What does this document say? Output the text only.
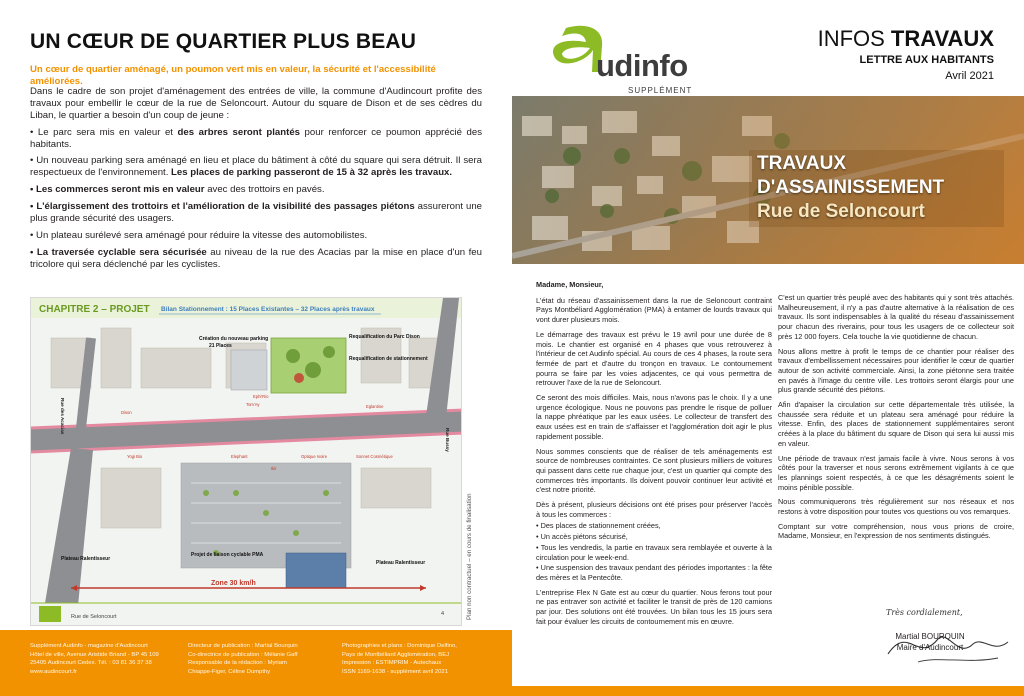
UN CŒUR DE QUARTIER PLUS BEAU
Un cœur de quartier aménagé, un poumon vert mis en valeur, la sécurité et l'accessibilité améliorées.

Dans le cadre de son projet d'aménagement des entrées de ville, la commune d'Audincourt profite des travaux pour embellir le cœur de la rue de Seloncourt. Autour du square de Dison et de ses cèdres du Liban, le quartier a besoin d'un coup de jeune :

• Le parc sera mis en valeur et des arbres seront plantés pour renforcer ce poumon apprécié des habitants.

• Un nouveau parking sera aménagé en lieu et place du bâtiment à côté du square qui sera détruit. Il sera respectueux de l'environnement. Les places de parking passeront de 15 à 32 après les travaux.

• Les commerces seront mis en valeur avec des trottoirs en pavés.

• L'élargissement des trottoirs et l'amélioration de la visibilité des passages piétons assureront une plus grande sécurité des usagers.

• Un plateau surélevé sera aménagé pour réduire la vitesse des automobilistes.

• La traversée cyclable sera sécurisée au niveau de la rue des Acacias par la mise en place d'un feu tricolore qui sera déclenché par les cyclistes.

CHAPITRE 2 – PROJET Bilan Stationnement : 15 Places Existantes – 32 Places après travaux
Création du nouveau parking
21 Places
Requalification du Parc Dison
Requalification de stationnement
Projet de liaison cyclable PMA
Plateau Ralentisseur
Plateau Ralentisseur
Eglantine
Sonnet Cosmétique
Optique Ivoire
Ikir
Elephant
Ephi'Rio
Tom'Ay
Yogi Bio
Dison
Rue des Acacias
Rue Bussy
Zone 30 km/h
Rue de Seloncourt	4	Plan non contractuel – en cours de finalisation
Supplément Audinfo - magazine d'Audincourt
Hôtel de ville, Avenue Aristide Briand - BP 45 109
25405 Audincourt Cedex. Tél. : 03 81 36 37 38
www.audincourt.fr
Directeur de publication : Martial Bourquin
Co-directrice de publication : Mélanie Gaff
Responsable de la rédaction : Myriam
Chiappe-Figer, Céline Dumpthy
Photographies et plans : Dominique Delfino,
Pays de Montbéliard Agglomération, BEJ
Impression : ESTIMPRIM - Autechaux
ISSN 1169-1638 - supplément avril 2021
udinfo
SUPPLÉMENT
INFOS TRAVAUX
LETTRE AUX HABITANTS
Avril 2021
TRAVAUX
D'ASSAINISSEMENT
Rue de Seloncourt

Madame, Monsieur,

L'état du réseau d'assainissement dans la rue de Seloncourt contraint Pays Montbéliard Agglomération (PMA) à entamer de lourds travaux qui vont durer plusieurs mois.

Le démarrage des travaux est prévu le 19 avril pour une durée de 8 mois. Le chantier est organisé en 4 phases que vous retrouverez à l'intérieur de cet Audinfo spécial. Au cours de ces 4 phases, la route sera fermée de part et d'autre du tronçon en travaux. Le contournement pourra se faire par les voies adjacentes, ce qui vous permettra de retrouver l'axe de la rue de Seloncourt.

Ce seront des mois difficiles. Mais, nous n'avons pas le choix. Il y a une urgence écologique. Nous ne pouvons pas prendre le risque de polluer la nappe phréatique par les eaux usées. Le collecteur de transfert des eaux usées est en train de s'affaisser et l'agglomération doit agir le plus rapidement possible.

Nous sommes conscients que de réaliser de tels aménagements est source de nombreuses contraintes. Ce sont plusieurs milliers de voitures qui passent dans cette rue chaque jour, c'est un quartier qui compte des commerces très importants. Ils doivent pouvoir continuer leur activité et c'est notre priorité.

Dès à présent, plusieurs décisions ont été prises pour préserver l'accès à tous les commerces :

• Des places de stationnement créées,

• Un accès piétons sécurisé,

• Tous les vendredis, la partie en travaux sera remblayée et ouverte à la circulation pour le week-end.

• Une suspension des travaux pendant des périodes importantes : la fête des mères et la Pentecôte.

L'entreprise Flex N Gate est au cœur du quartier. Nous ferons tout pour ne pas entraver son activité et faciliter le transit de près de 120 camions par jour. Des solutions ont été trouvées. Un bilan tous les 15 jours sera fait pour évaluer les circuits de contournement mis en œuvre.

C'est un quartier très peuplé avec des habitants qui y sont très attachés. Malheureusement, il n'y a pas d'autre alternative à la réalisation de ces travaux. Ils sont indispensables à la qualité du réseau d'assainissement pour chacun des riverains, pour tous les usagers de ce collecteur soit près 12 000 foyers. Cela touche la vie quotidienne de chacun.

Nous allons mettre à profit le temps de ce chantier pour réaliser des travaux d'embellissement nécessaires pour identifier le cœur de quartier autour de son activité commerciale. Ainsi, la zone piétonne sera traitée en pavés à l'image du centre ville. Les trottoirs seront élargis pour une plus grande sécurité des piétons.

Afin d'apaiser la circulation sur cette départementale très utilisée, la chaussée sera réduite et un plateau sera aménagé pour réduire la vitesse. Enfin, des places de stationnement supplémentaires seront créées à la place du bâtiment du square de Dison qui sera lui aussi mis en valeur.

Une période de travaux n'est jamais facile à vivre. Nous serons à vos côtés pour la traverser et nous serons extrêmement vigilants à ce que les plannings soient respectés, à ce que les désagréments soient le moins pénible possible.

Nous communiquerons très régulièrement sur nos réseaux et nos restons à votre disposition pour toutes vos questions ou vos remarques.

Comptant sur votre compréhension, nous vous prions de croire, Madame, Monsieur, en l'expression de nos sentiments distingués.

Très cordialement,
Martial BOURQUIN
Maire d'Audincourt
